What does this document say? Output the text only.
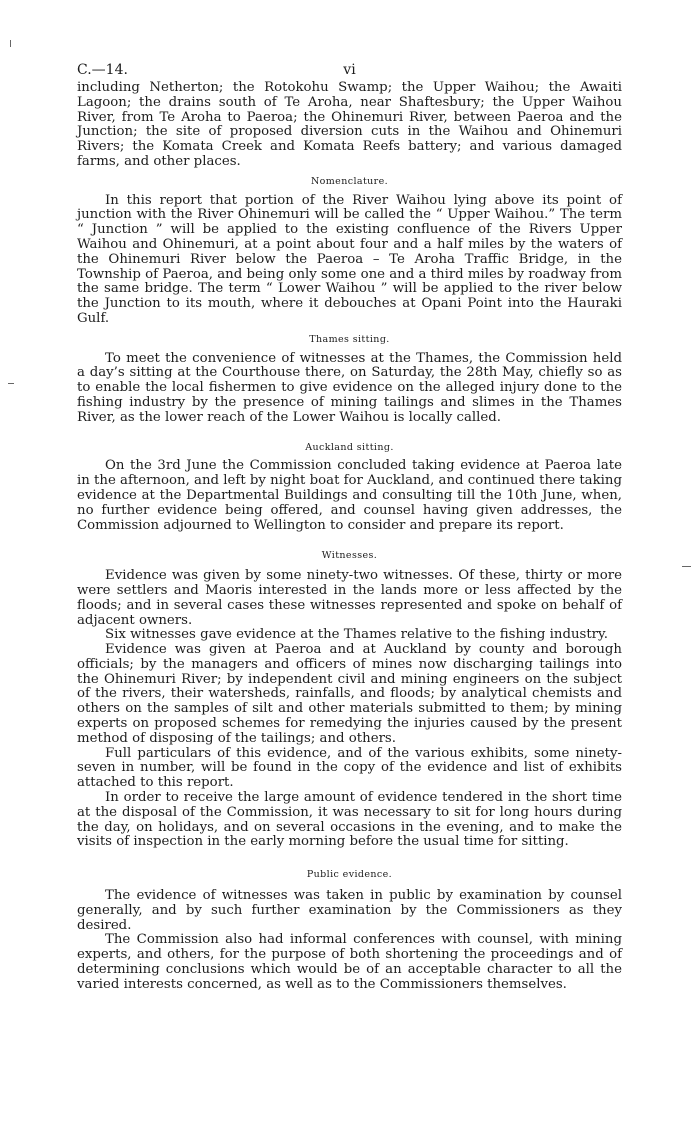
C.—14.	vi

including Netherton; the Rotokohu Swamp; the Upper Waihou; the Awaiti Lagoon; the drains south of Te Aroha, near Shaftesbury; the Upper Waihou River, from Te Aroha to Paeroa; the Ohinemuri River, between Paeroa and the Junction; the site of proposed diversion cuts in the Waihou and Ohinemuri Rivers; the Komata Creek and Komata Reefs battery; and various damaged farms, and other places.

Nomenclature.

In this report that portion of the River Waihou lying above its point of junction with the River Ohinemuri will be called the “ Upper Waihou.” The term “ Junction ” will be applied to the existing confluence of the Rivers Upper Waihou and Ohinemuri, at a point about four and a half miles by the waters of the Ohinemuri River below the Paeroa – Te Aroha Traffic Bridge, in the Township of Paeroa, and being only some one and a third miles by roadway from the same bridge. The term “ Lower Waihou ” will be applied to the river below the Junction to its mouth, where it debouches at Opani Point into the Hauraki Gulf.

Thames sitting.

To meet the convenience of witnesses at the Thames, the Commission held a day’s sitting at the Courthouse there, on Saturday, the 28th May, chiefly so as to enable the local fishermen to give evidence on the alleged injury done to the fishing industry by the presence of mining tailings and slimes in the Thames River, as the lower reach of the Lower Waihou is locally called.

Auckland sitting.

On the 3rd June the Commission concluded taking evidence at Paeroa late in the afternoon, and left by night boat for Auckland, and continued there taking evidence at the Departmental Buildings and consulting till the 10th June, when, no further evidence being offered, and counsel having given addresses, the Commission adjourned to Wellington to consider and prepare its report.

Witnesses.

Evidence was given by some ninety-two witnesses. Of these, thirty or more were settlers and Maoris interested in the lands more or less affected by the floods; and in several cases these witnesses represented and spoke on behalf of adjacent owners.

Six witnesses gave evidence at the Thames relative to the fishing industry.

Evidence was given at Paeroa and at Auckland by county and borough officials; by the managers and officers of mines now discharging tailings into the Ohinemuri River; by independent civil and mining engineers on the subject of the rivers, their watersheds, rainfalls, and floods; by analytical chemists and others on the samples of silt and other materials submitted to them; by mining experts on proposed schemes for remedying the injuries caused by the present method of disposing of the tailings; and others.

Full particulars of this evidence, and of the various exhibits, some ninety-seven in number, will be found in the copy of the evidence and list of exhibits attached to this report.

In order to receive the large amount of evidence tendered in the short time at the disposal of the Commission, it was necessary to sit for long hours during the day, on holidays, and on several occasions in the evening, and to make the visits of inspection in the early morning before the usual time for sitting.

Public evidence.

The evidence of witnesses was taken in public by examination by counsel generally, and by such further examination by the Commissioners as they desired.

The Commission also had informal conferences with counsel, with mining experts, and others, for the purpose of both shortening the proceedings and of determining conclusions which would be of an acceptable character to all the varied interests concerned, as well as to the Commissioners themselves.
